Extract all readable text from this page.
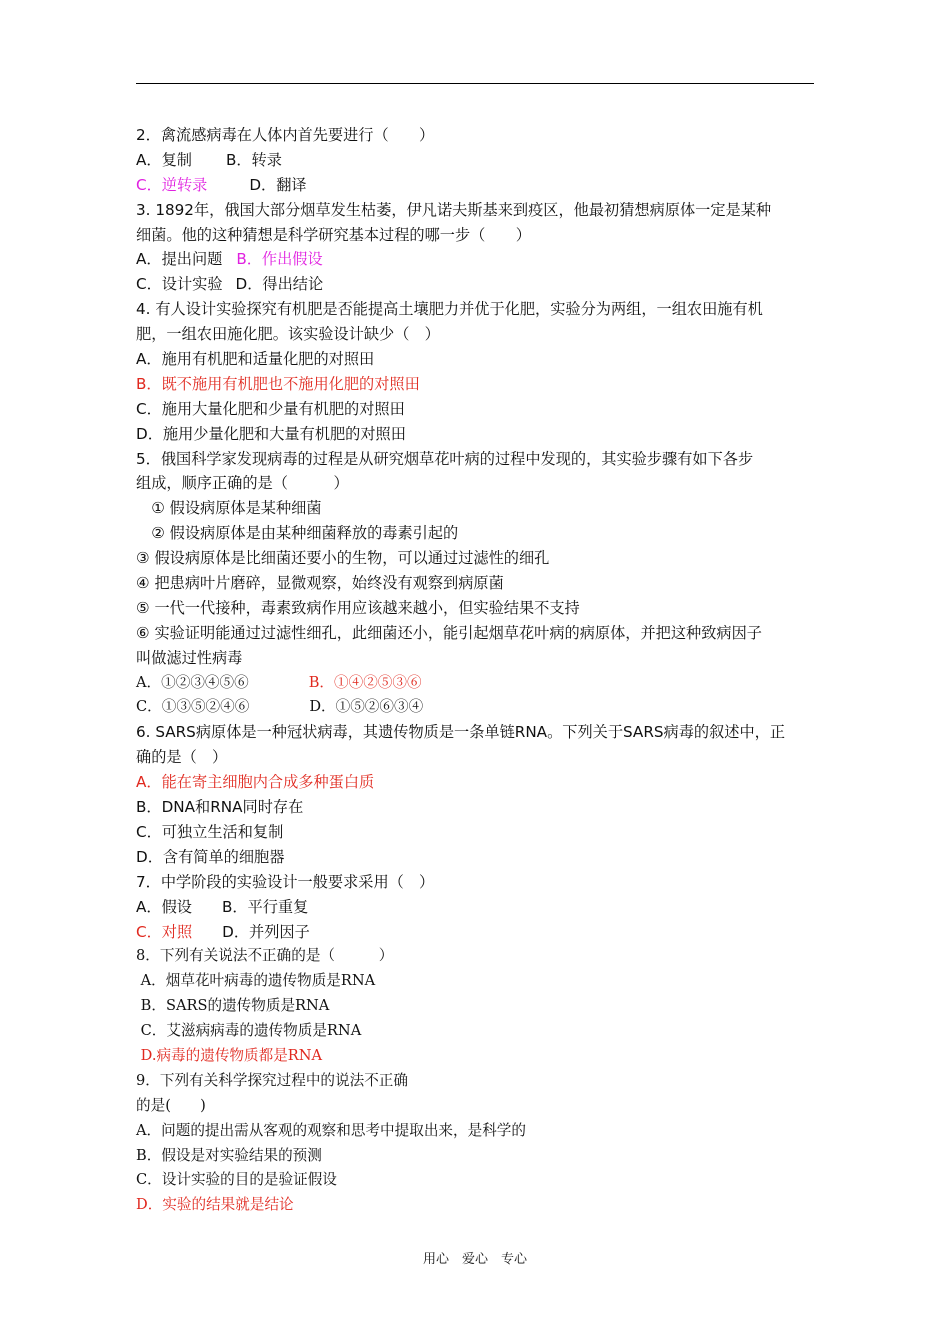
2．禽流感病毒在人体内首先要进行（　　）
A．复制 B．转录
C．逆转录	D．翻译
3. 1892年，俄国大部分烟草发生枯萎，伊凡诺夫斯基来到疫区，他最初猜想病原体一定是某种
细菌。他的这种猜想是科学研究基本过程的哪一步（　　）
A．提出问题 B．作出假设
C．设计实验 D．得出结论
4. 有人设计实验探究有机肥是否能提高土壤肥力并优于化肥，实验分为两组，一组农田施有机
肥，一组农田施化肥。该实验设计缺少（　）
A．施用有机肥和适量化肥的对照田
B．既不施用有机肥也不施用化肥的对照田
C．施用大量化肥和少量有机肥的对照田
D．施用少量化肥和大量有机肥的对照田
5．俄国科学家发现病毒的过程是从研究烟草花叶病的过程中发现的，其实验步骤有如下各步
组成，顺序正确的是（　　　）
　① 假设病原体是某种细菌
　② 假设病原体是由某种细菌释放的毒素引起的
③ 假设病原体是比细菌还要小的生物，可以通过过滤性的细孔
④ 把患病叶片磨碎，显微观察，始终没有观察到病原菌
⑤ 一代一代接种，毒素致病作用应该越来越小，但实验结果不支持
⑥ 实验证明能通过过滤性细孔，此细菌还小，能引起烟草花叶病的病原体，并把这种致病因子
叫做滤过性病毒
A．①②③④⑤⑥	B．①④②⑤③⑥
C．①③⑤②④⑥	D．①⑤②⑥③④
6. SARS病原体是一种冠状病毒，其遗传物质是一条单链RNA。下列关于SARS病毒的叙述中，正
确的是（　）
A．能在寄主细胞内合成多种蛋白质
B．DNA和RNA同时存在
C．可独立生活和复制
D．含有简单的细胞器
7．中学阶段的实验设计一般要求采用（　）
A．假设 B．平行重复
C．对照 D．并列因子
8．下列有关说法不正确的是（　　　）
A．烟草花叶病毒的遗传物质是RNA
B．SARS的遗传物质是RNA
C．艾滋病病毒的遗传物质是RNA
D.病毒的遗传物质都是RNA
9．下列有关科学探究过程中的说法不正确
的是(　　)
A．问题的提出需从客观的观察和思考中提取出来，是科学的
B．假设是对实验结果的预测
C．设计实验的目的是验证假设
D．实验的结果就是结论
用心　爱心　专心
